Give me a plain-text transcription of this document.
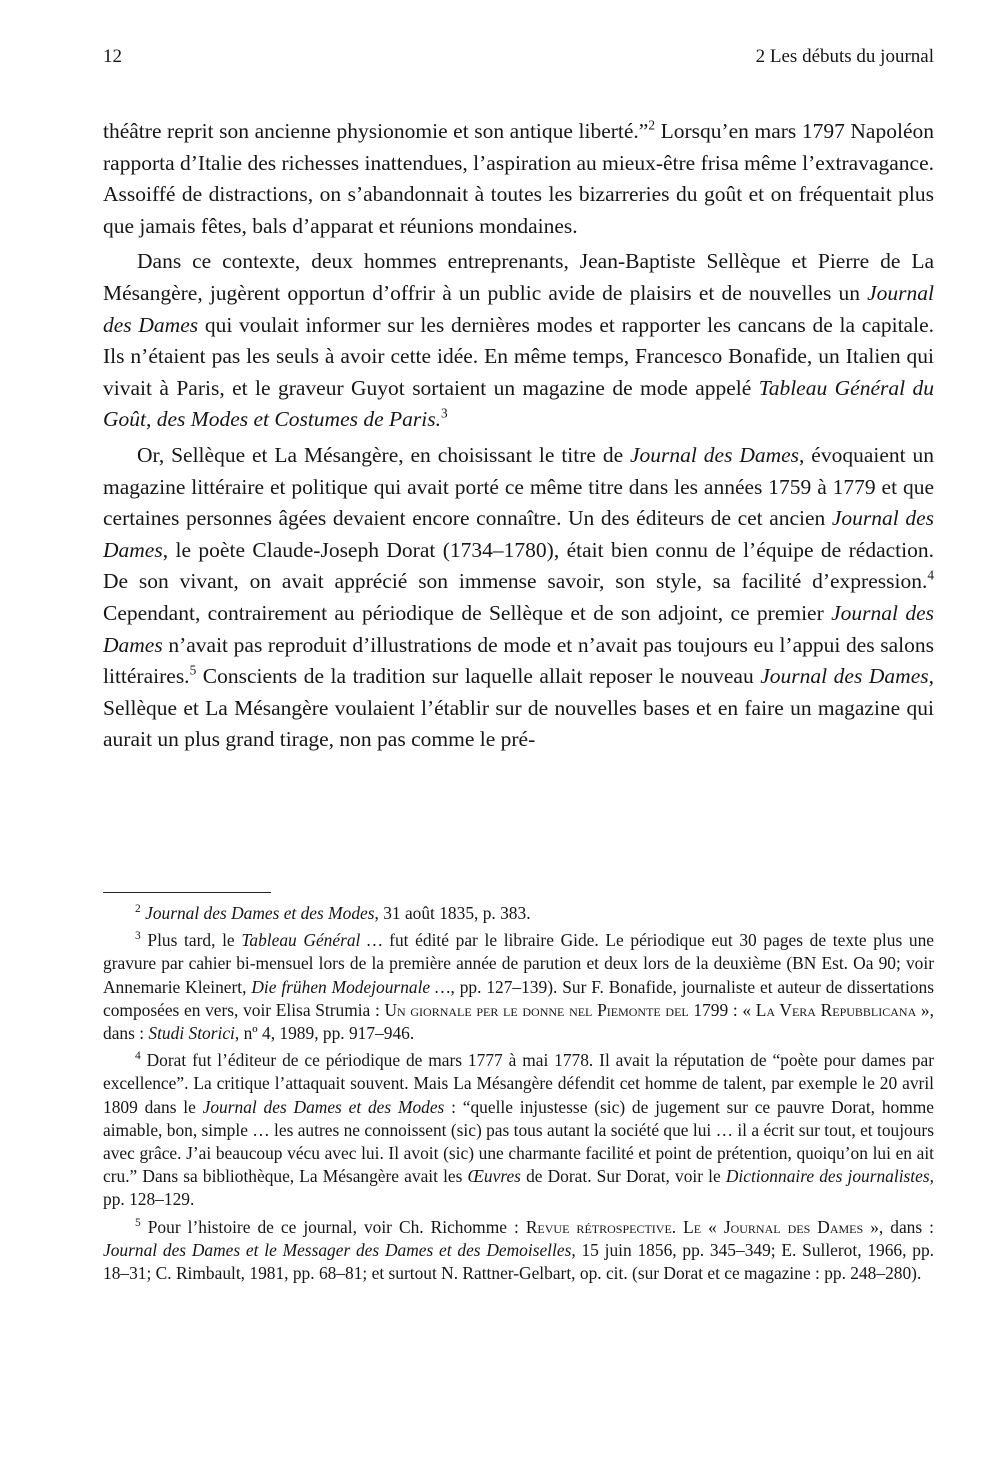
12	2 Les débuts du journal

théâtre reprit son ancienne physionomie et son antique liberté.”$^2$ Lorsqu’en mars 1797 Napoléon rapporta d’Italie des richesses inattendues, l’aspiration au mieux-être frisa même l’extravagance. Assoiffé de distractions, on s’abandonnait à toutes les bizarreries du goût et on fréquentait plus que jamais fêtes, bals d’apparat et réunions mondaines.

Dans ce contexte, deux hommes entreprenants, Jean-Baptiste Sellèque et Pierre de La Mésangère, jugèrent opportun d’offrir à un public avide de plaisirs et de nouvelles un Journal des Dames qui voulait informer sur les dernières modes et rapporter les cancans de la capitale. Ils n’étaient pas les seuls à avoir cette idée. En même temps, Francesco Bonafide, un Italien qui vivait à Paris, et le graveur Guyot sortaient un magazine de mode appelé Tableau Général du Goût, des Modes et Costumes de Paris.$^3$

Or, Sellèque et La Mésangère, en choisissant le titre de Journal des Dames, évoquaient un magazine littéraire et politique qui avait porté ce même titre dans les années 1759 à 1779 et que certaines personnes âgées devaient encore connaître. Un des éditeurs de cet ancien Journal des Dames, le poète Claude-Joseph Dorat (1734–1780), était bien connu de l’équipe de rédaction. De son vivant, on avait apprécié son immense savoir, son style, sa facilité d’expression.$^4$ Cependant, contrairement au périodique de Sellèque et de son adjoint, ce premier Journal des Dames n’avait pas reproduit d’illustrations de mode et n’avait pas toujours eu l’appui des salons littéraires.$^5$ Conscients de la tradition sur laquelle allait reposer le nouveau Journal des Dames, Sellèque et La Mésangère voulaient l’établir sur de nouvelles bases et en faire un magazine qui aurait un plus grand tirage, non pas comme le pré-

$^2$ Journal des Dames et des Modes, 31 août 1835, p. 383.

$^3$ Plus tard, le Tableau Général … fut édité par le libraire Gide. Le périodique eut 30 pages de texte plus une gravure par cahier bi-mensuel lors de la première année de parution et deux lors de la deuxième (BN Est. Oa 90; voir Annemarie Kleinert, Die frühen Modejournale …, pp. 127–139). Sur F. Bonafide, journaliste et auteur de dissertations composées en vers, voir Elisa Strumia : Un giornale per le donne nel Piemonte del 1799 : « La Vera Repubblicana », dans : Studi Storici, nº 4, 1989, pp. 917–946.

$^4$ Dorat fut l’éditeur de ce périodique de mars 1777 à mai 1778. Il avait la réputation de “poète pour dames par excellence”. La critique l’attaquait souvent. Mais La Mésangère défendit cet homme de talent, par exemple le 20 avril 1809 dans le Journal des Dames et des Modes : “quelle injustesse (sic) de jugement sur ce pauvre Dorat, homme aimable, bon, simple … les autres ne connoissent (sic) pas tous autant la société que lui … il a écrit sur tout, et toujours avec grâce. J’ai beaucoup vécu avec lui. Il avoit (sic) une charmante facilité et point de prétention, quoiqu’on lui en ait cru.” Dans sa bibliothèque, La Mésangère avait les Œuvres de Dorat. Sur Dorat, voir le Dictionnaire des journalistes, pp. 128–129.

$^5$ Pour l’histoire de ce journal, voir Ch. Richomme : Revue rétrospective. Le « Journal des Dames », dans : Journal des Dames et le Messager des Dames et des Demoiselles, 15 juin 1856, pp. 345–349; E. Sullerot, 1966, pp. 18–31; C. Rimbault, 1981, pp. 68–81; et surtout N. Rattner-Gelbart, op. cit. (sur Dorat et ce magazine : pp. 248–280).
